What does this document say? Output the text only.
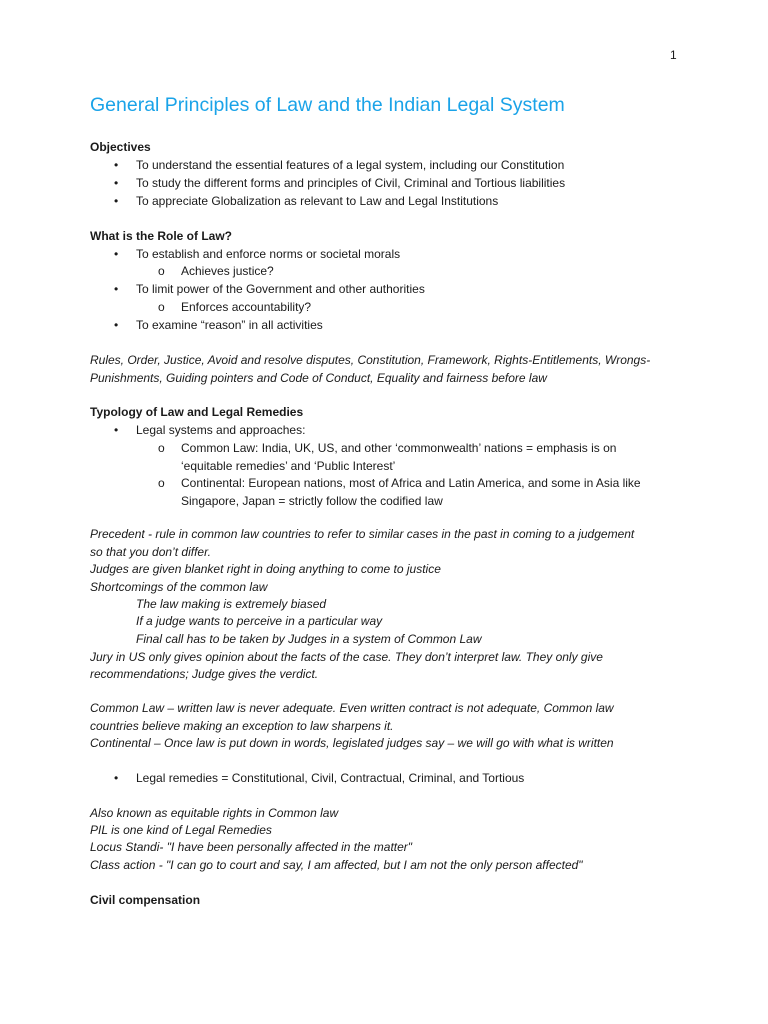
1
General Principles of Law and the Indian Legal System
Objectives
• To understand the essential features of a legal system, including our Constitution
• To study the different forms and principles of Civil, Criminal and Tortious liabilities
• To appreciate Globalization as relevant to Law and Legal Institutions
What is the Role of Law?
• To establish and enforce norms or societal morals
o Achieves justice?
• To limit power of the Government and other authorities
o Enforces accountability?
• To examine “reason” in all activities
Rules, Order, Justice, Avoid and resolve disputes, Constitution, Framework, Rights-Entitlements, Wrongs-
Punishments, Guiding pointers and Code of Conduct, Equality and fairness before law
Typology of Law and Legal Remedies
• Legal systems and approaches:
o Common Law: India, UK, US, and other ‘commonwealth’ nations = emphasis is on
‘equitable remedies’ and ‘Public Interest’
o Continental: European nations, most of Africa and Latin America, and some in Asia like
Singapore, Japan = strictly follow the codified law
Precedent - rule in common law countries to refer to similar cases in the past in coming to a judgement
so that you don’t differ.
Judges are given blanket right in doing anything to come to justice
Shortcomings of the common law
The law making is extremely biased
If a judge wants to perceive in a particular way
Final call has to be taken by Judges in a system of Common Law
Jury in US only gives opinion about the facts of the case. They don’t interpret law. They only give
recommendations; Judge gives the verdict.
Common Law – written law is never adequate. Even written contract is not adequate, Common law
countries believe making an exception to law sharpens it.
Continental – Once law is put down in words, legislated judges say – we will go with what is written
• Legal remedies = Constitutional, Civil, Contractual, Criminal, and Tortious
Also known as equitable rights in Common law
PIL is one kind of Legal Remedies
Locus Standi- "I have been personally affected in the matter"
Class action - "I can go to court and say, I am affected, but I am not the only person affected"
Civil compensation
